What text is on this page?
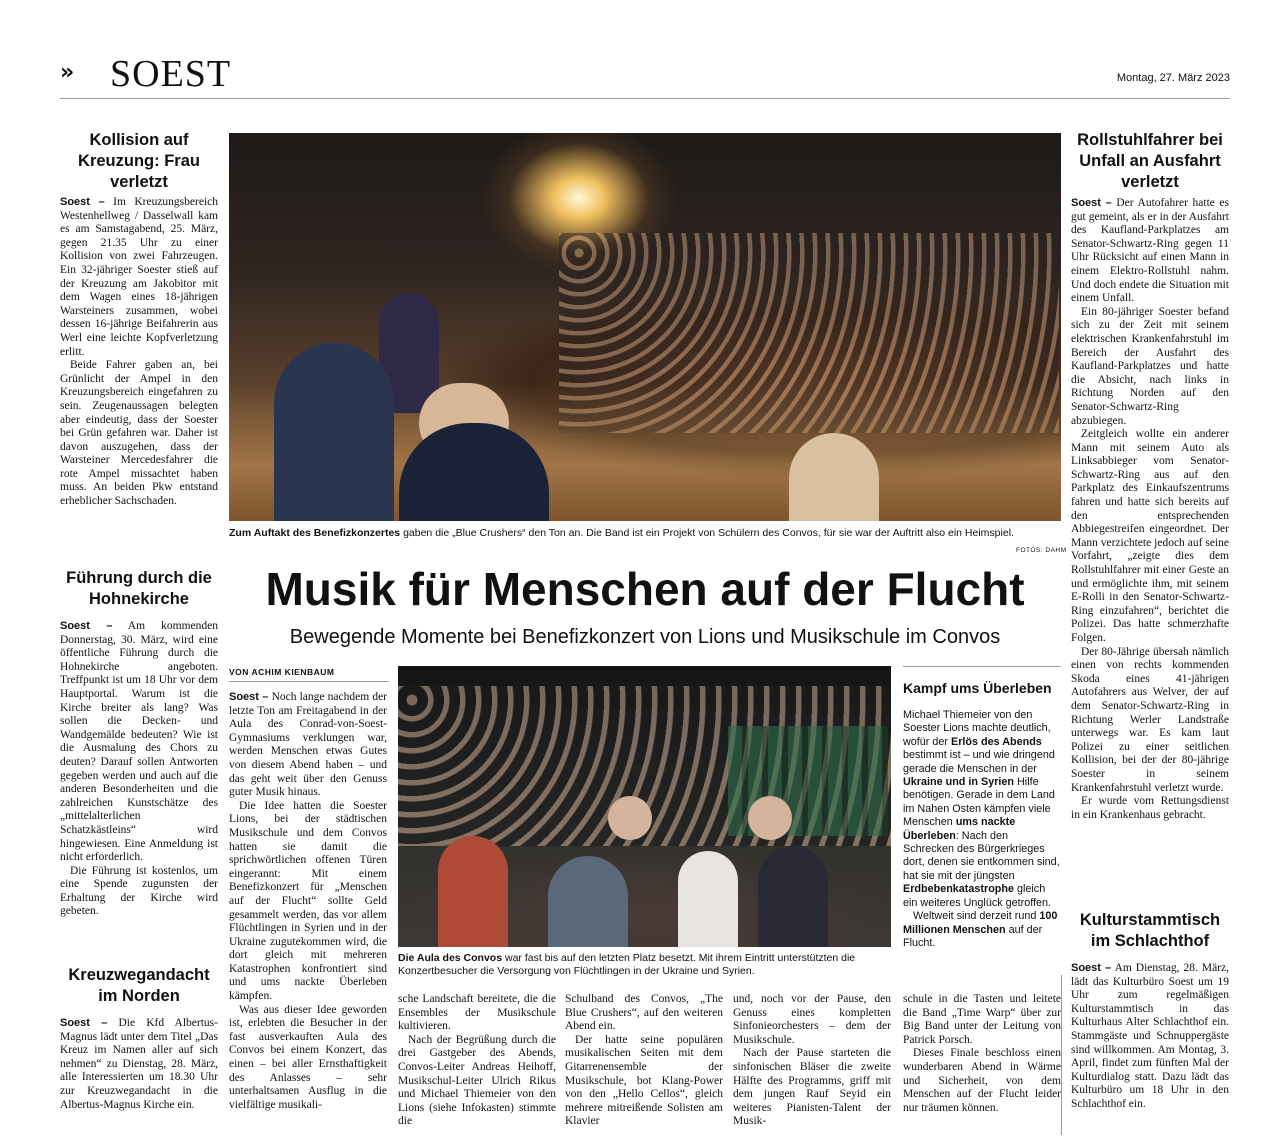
» SOEST	Montag, 27. März 2023
Kollision auf Kreuzung: Frau verletzt

Soest – Im Kreuzungsbereich Westenhellweg / Dasselwall kam es am Samstagabend, 25. März, gegen 21.35 Uhr zu einer Kollision von zwei Fahrzeugen. Ein 32-jähriger Soester stieß auf der Kreuzung am Jakobitor mit dem Wagen eines 18-jährigen Warsteiners zusammen, wobei dessen 16-jährige Beifahrerin aus Werl eine leichte Kopfverletzung erlitt.

Beide Fahrer gaben an, bei Grünlicht der Ampel in den Kreuzungsbereich eingefahren zu sein. Zeugenaussagen belegten aber eindeutig, dass der Soester bei Grün gefahren war. Daher ist davon auszugehen, dass der Warsteiner Mercedesfahrer die rote Ampel missachtet haben muss. An beiden Pkw entstand erheblicher Sachschaden.

Führung durch die Hohnekirche

Soest – Am kommenden Donnerstag, 30. März, wird eine öffentliche Führung durch die Hohnekirche angeboten. Treffpunkt ist um 18 Uhr vor dem Hauptportal. Warum ist die Kirche breiter als lang? Was sollen die Decken- und Wandgemälde bedeuten? Wie ist die Ausmalung des Chors zu deuten? Darauf sollen Antworten gegeben werden und auch auf die anderen Besonderheiten und die zahlreichen Kunstschätze des „mittelalterlichen Schatzkästleins“ wird hingewiesen. Eine Anmeldung ist nicht erforderlich.

Die Führung ist kostenlos, um eine Spende zugunsten der Erhaltung der Kirche wird gebeten.

Kreuzwegandacht im Norden

Soest – Die Kfd Albertus-Magnus lädt unter dem Titel „Das Kreuz im Namen aller auf sich nehmen“ zu Dienstag, 28. März, alle Interessierten um 18.30 Uhr zur Kreuzwegandacht in die Albertus-Magnus Kirche ein.

Rollstuhlfahrer bei Unfall an Ausfahrt verletzt

Soest – Der Autofahrer hatte es gut gemeint, als er in der Ausfahrt des Kaufland-Parkplatzes am Senator-Schwartz-Ring gegen 11 Uhr Rücksicht auf einen Mann in einem Elektro-Rollstuhl nahm. Und doch endete die Situation mit einem Unfall.

Ein 80-jähriger Soester befand sich zu der Zeit mit seinem elektrischen Krankenfahrstuhl im Bereich der Ausfahrt des Kaufland-Parkplatzes und hatte die Absicht, nach links in Richtung Norden auf den Senator-Schwartz-Ring abzubiegen.

Zeitgleich wollte ein anderer Mann mit seinem Auto als Linksabbieger vom Senator-Schwartz-Ring aus auf den Parkplatz des Einkaufszentrums fahren und hatte sich bereits auf den entsprechenden Abbiegestreifen eingeordnet. Der Mann verzichtete jedoch auf seine Vorfahrt, „zeigte dies dem Rollstuhlfahrer mit einer Geste an und ermöglichte ihm, mit seinem E-Rolli in den Senator-Schwartz-Ring einzufahren“, berichtet die Polizei. Das hatte schmerzhafte Folgen.

Der 80-Jährige übersah nämlich einen von rechts kommenden Skoda eines 41-jährigen Autofahrers aus Welver, der auf dem Senator-Schwartz-Ring in Richtung Werler Landstraße unterwegs war. Es kam laut Polizei zu einer seitlichen Kollision, bei der der 80-jährige Soester in seinem Krankenfahrstuhl verletzt wurde.

Er wurde vom Rettungsdienst in ein Krankenhaus gebracht.

Kulturstammtisch im Schlachthof

Soest – Am Dienstag, 28. März, lädt das Kulturbüro Soest um 19 Uhr zum regelmäßigen Kulturstammtisch in das Kulturhaus Alter Schlachthof ein. Stammgäste und Schnuppergäste sind willkommen. Am Montag, 3. April, findet zum fünften Mal der Kulturdialog statt. Dazu lädt das Kulturbüro um 18 Uhr in den Schlachthof ein.

Zum Auftakt des Benefizkonzertes gaben die „Blue Crushers“ den Ton an. Die Band ist ein Projekt von Schülern des Convos, für sie war der Auftritt also ein Heimspiel.
FOTOS: DAHM
Musik für Menschen auf der Flucht
Bewegende Momente bei Benefizkonzert von Lions und Musikschule im Convos
VON ACHIM KIENBAUM

Soest – Noch lange nachdem der letzte Ton am Freitagabend in der Aula des Conrad-von-Soest-Gymnasiums verklungen war, werden Menschen etwas Gutes von diesem Abend haben – und das geht weit über den Genuss guter Musik hinaus.

Die Idee hatten die Soester Lions, bei der städtischen Musikschule und dem Convos hatten sie damit die sprichwörtlichen offenen Türen eingerannt: Mit einem Benefizkonzert für „Menschen auf der Flucht“ sollte Geld gesammelt werden, das vor allem Flüchtlingen in Syrien und in der Ukraine zugutekommen wird, die dort gleich mit mehreren Katastrophen konfrontiert sind und ums nackte Überleben kämpfen.

Was aus dieser Idee geworden ist, erlebten die Besucher in der fast ausverkauften Aula des Convos bei einem Konzert, das einen – bei aller Ernsthaftigkeit des Anlasses – sehr unterhaltsamen Ausflug in die vielfältige musikali-

Die Aula des Convos war fast bis auf den letzten Platz besetzt. Mit ihrem Eintritt unterstützten die Konzertbesucher die Versorgung von Flüchtlingen in der Ukraine und Syrien.

sche Landschaft bereitete, die die Ensembles der Musikschule kultivieren.

Nach der Begrüßung durch die drei Gastgeber des Abends, Convos-Leiter Andreas Heihoff, Musikschul-Leiter Ulrich Rikus und Michael Thiemeier von den Lions (siehe Infokasten) stimmte die

Schulband des Convos, „The Blue Crushers“, auf den weiteren Abend ein.

Der hatte seine populären musikalischen Seiten mit dem Gitarrenensemble der Musikschule, bot Klang-Power von den „Hello Cellos“, gleich mehrere mitreißende Solisten am Klavier

und, noch vor der Pause, den Genuss eines kompletten Sinfonieorchesters – dem der Musikschule.

Nach der Pause starteten die sinfonischen Bläser die zweite Hälfte des Programms, griff mit dem jungen Rauf Seyid ein weiteres Pianisten-Talent der Musik-

schule in die Tasten und leitete die Band „Time Warp“ über zur Big Band unter der Leitung von Patrick Porsch.

Dieses Finale beschloss einen wunderbaren Abend in Wärme und Sicherheit, von dem Menschen auf der Flucht leider nur träumen können.

Kampf ums Überleben

Michael Thiemeier von den Soester Lions machte deutlich, wofür der Erlös des Abends bestimmt ist – und wie dringend gerade die Menschen in der Ukraine und in Syrien Hilfe benötigen. Gerade in dem Land im Nahen Osten kämpfen viele Menschen ums nackte Überleben: Nach den Schrecken des Bürgerkrieges dort, denen sie entkommen sind, hat sie mit der jüngsten Erdbebenkatastrophe gleich ein weiteres Unglück getroffen.

Weltweit sind derzeit rund 100 Millionen Menschen auf der Flucht.
